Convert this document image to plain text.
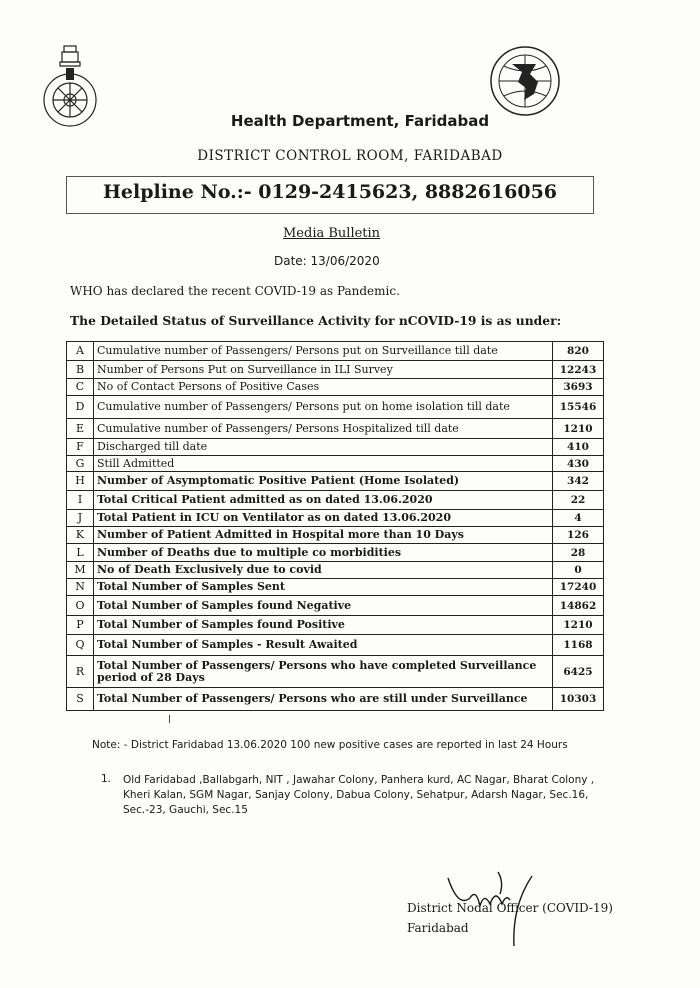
Health Department, Faridabad
DISTRICT CONTROL ROOM, FARIDABAD
Helpline No.:- 0129-2415623, 8882616056
Media Bulletin
Date: 13/06/2020
WHO has declared the recent COVID-19 as Pandemic.
The Detailed Status of Surveillance Activity for nCOVID-19 is as under:
A	Cumulative number of Passengers/ Persons put on Surveillance till date	820
B	Number of Persons Put on Surveillance in ILI Survey	12243
C	No of Contact Persons of Positive Cases	3693
D	Cumulative number of Passengers/ Persons put on home isolation till date	15546
E	Cumulative number of Passengers/ Persons Hospitalized till date	1210
F	Discharged till date	410
G	Still Admitted	430
H	Number of Asymptomatic Positive Patient (Home Isolated)	342
I	Total Critical Patient admitted as on dated 13.06.2020	22
J	Total Patient in ICU on Ventilator as on dated 13.06.2020	4
K	Number of Patient Admitted in Hospital more than 10 Days	126
L	Number of Deaths due to multiple co morbidities	28
M	No of Death Exclusively due to covid	0
N	Total Number of Samples Sent	17240
O	Total Number of Samples found Negative	14862
P	Total Number of Samples found Positive	1210
Q	Total Number of Samples - Result Awaited	1168
R	Total Number of Passengers/ Persons who have completed Surveillance period of 28 Days	6425
S	Total Number of Passengers/ Persons who are still under Surveillance	10303
Note: - District Faridabad 13.06.2020 100 new positive cases are reported in last 24 Hours
1. Old Faridabad ,Ballabgarh, NIT , Jawahar Colony, Panhera kurd, AC Nagar, Bharat Colony , Kheri Kalan, SGM Nagar, Sanjay Colony, Dabua Colony, Sehatpur, Adarsh Nagar, Sec.16, Sec.-23, Gauchi, Sec.15
District Nodal Officer (COVID-19)
Faridabad
